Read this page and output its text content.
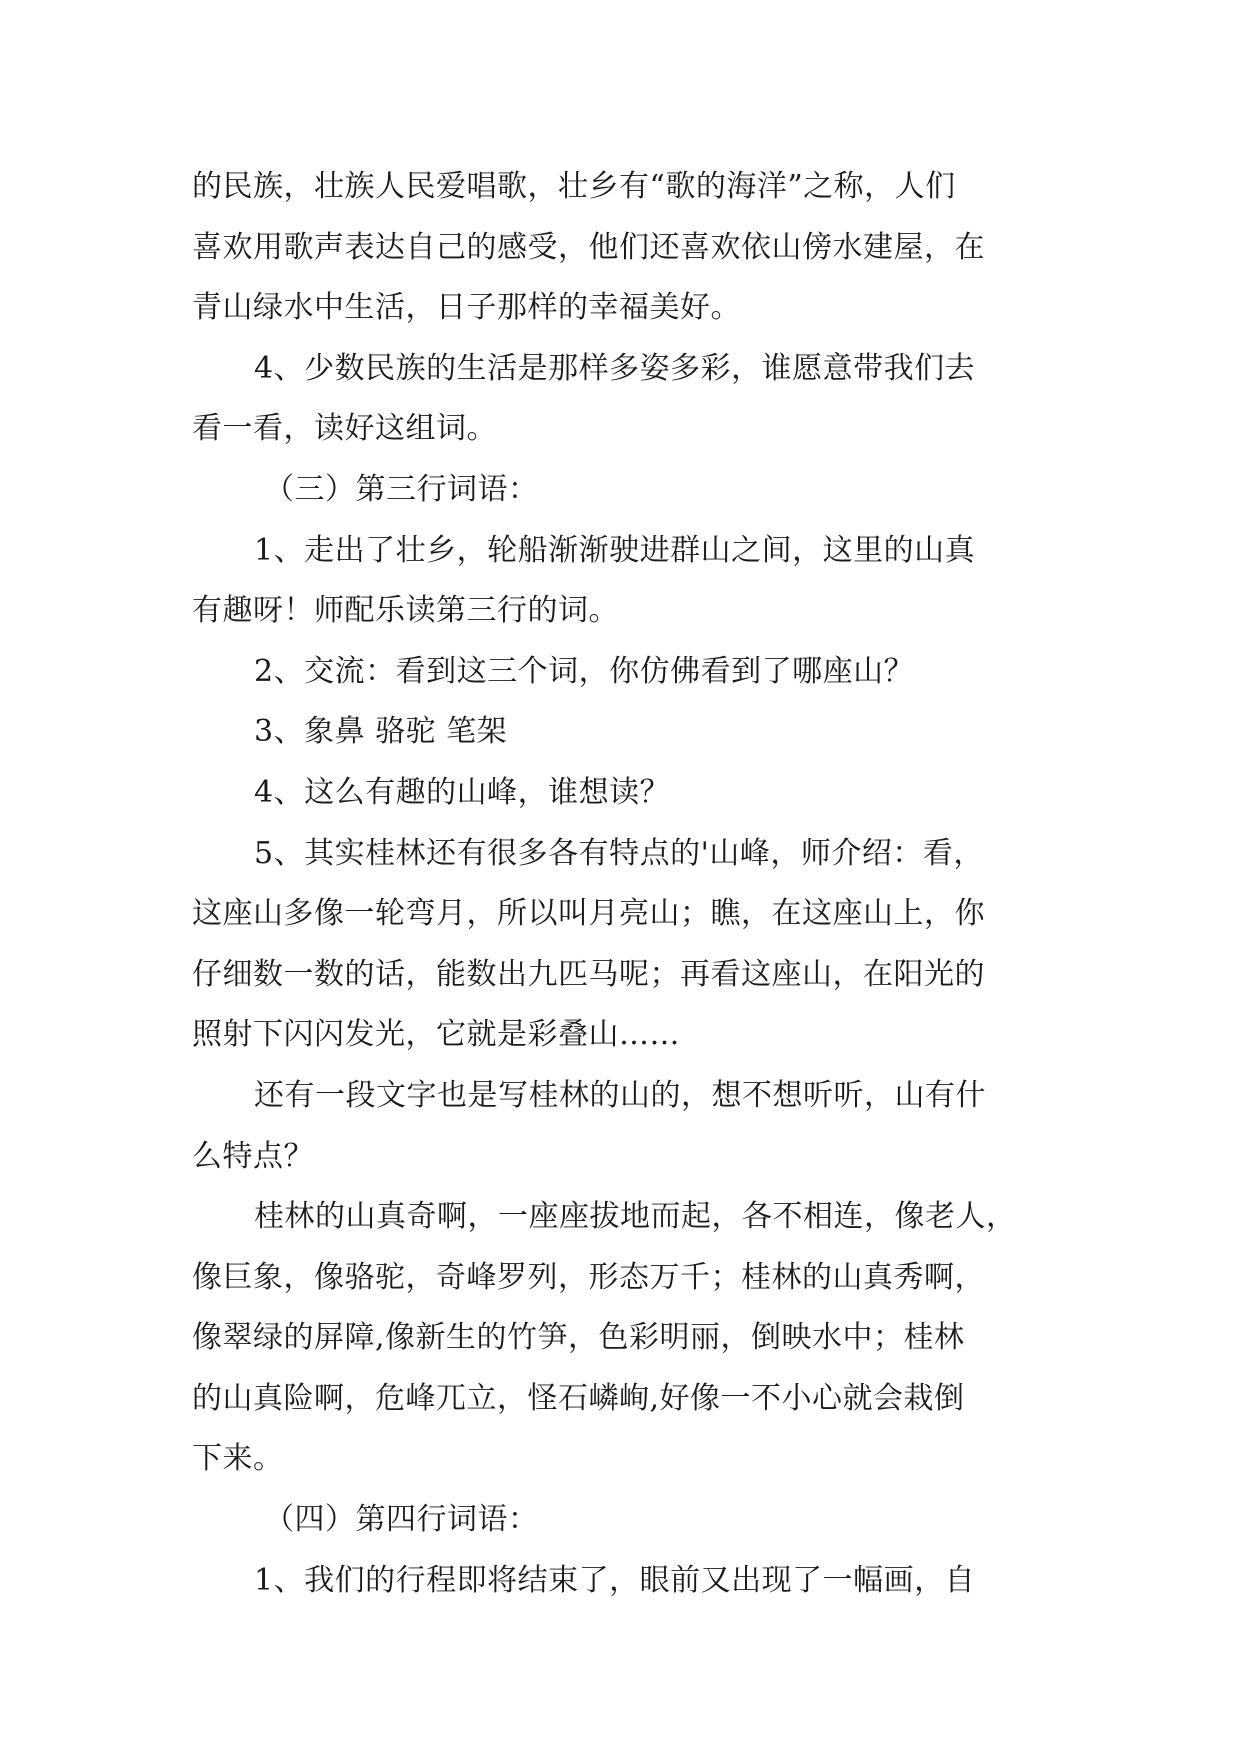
的民族，壮族人民爱唱歌，壮乡有“歌的海洋”之称，人们
喜欢用歌声表达自己的感受，他们还喜欢依山傍水建屋，在
青山绿水中生活，日子那样的幸福美好。
4、少数民族的生活是那样多姿多彩，谁愿意带我们去
看一看，读好这组词。
（三）第三行词语：
1、走出了壮乡，轮船渐渐驶进群山之间，这里的山真
有趣呀！师配乐读第三行的词。
2、交流：看到这三个词，你仿佛看到了哪座山？
3、象鼻 骆驼 笔架
4、这么有趣的山峰，谁想读？
5、其实桂林还有很多各有特点的'山峰，师介绍：看，
这座山多像一轮弯月，所以叫月亮山；瞧，在这座山上，你
仔细数一数的话，能数出九匹马呢；再看这座山，在阳光的
照射下闪闪发光，它就是彩叠山……
还有一段文字也是写桂林的山的，想不想听听，山有什
么特点？
桂林的山真奇啊，一座座拔地而起，各不相连，像老人，
像巨象，像骆驼，奇峰罗列，形态万千；桂林的山真秀啊，
像翠绿的屏障,像新生的竹笋，色彩明丽，倒映水中；桂林
的山真险啊，危峰兀立，怪石嶙峋,好像一不小心就会栽倒
下来。
（四）第四行词语：
1、我们的行程即将结束了，眼前又出现了一幅画，自
